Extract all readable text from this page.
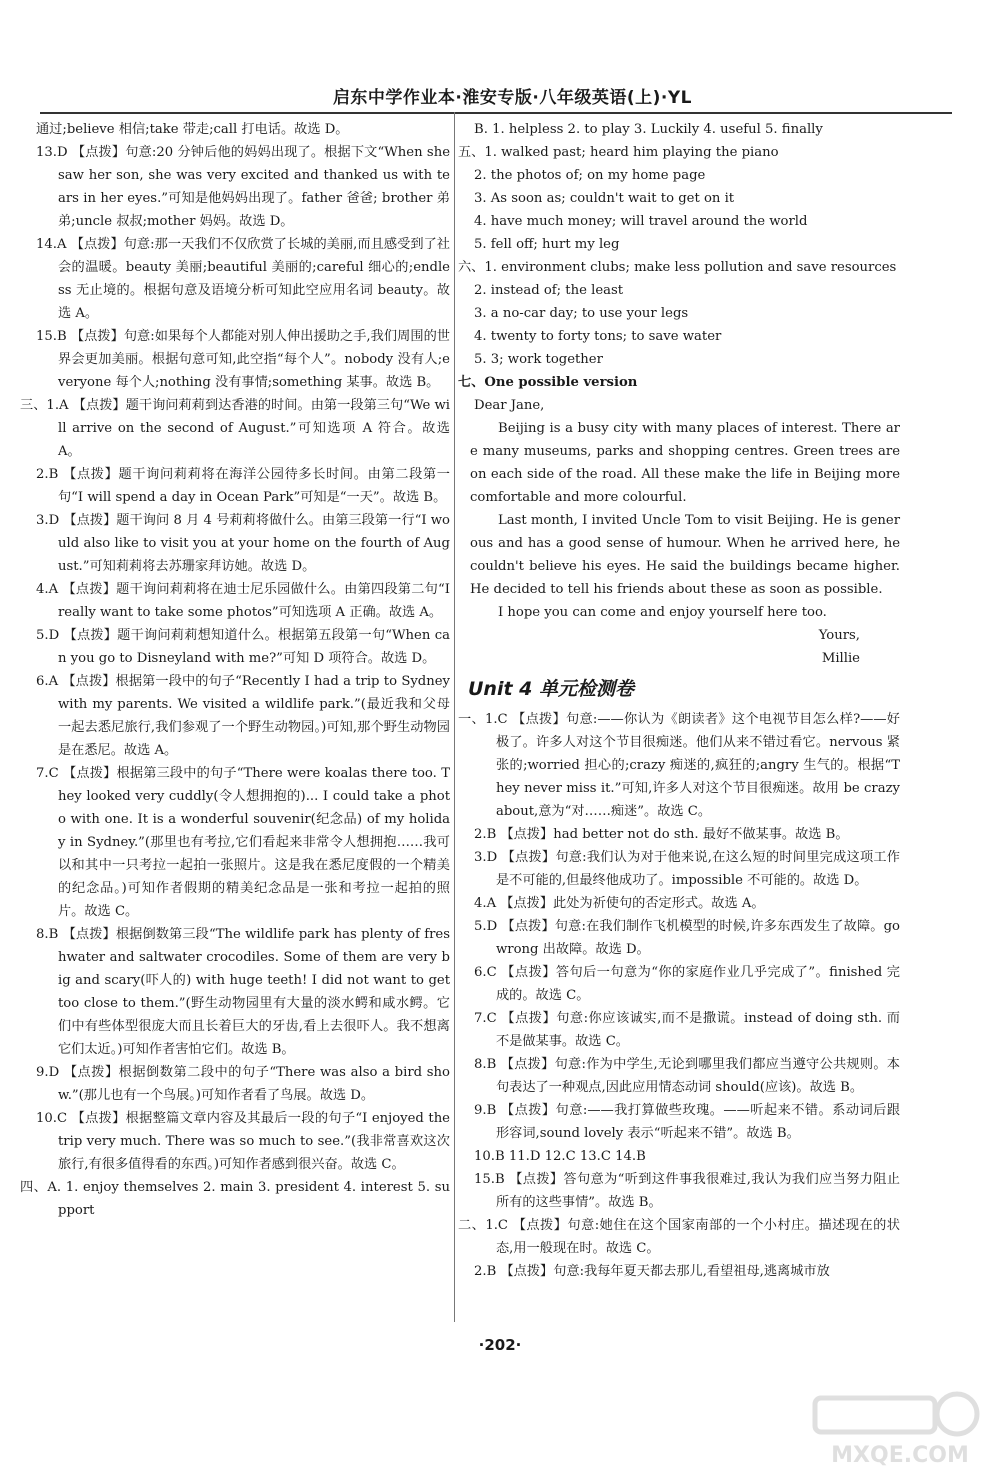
启东中学作业本·淮安专版·八年级英语(上)·YL
通过;believe 相信;take 带走;call 打电话。故选 D。
13.D 【点拨】句意:20 分钟后他的妈妈出现了。根据下文“When she saw her son, she was very excited and thanked us with tears in her eyes.”可知是他妈妈出现了。father 爸爸; brother 弟弟;uncle 叔叔;mother 妈妈。故选 D。
14.A 【点拨】句意:那一天我们不仅欣赏了长城的美丽,而且感受到了社会的温暖。beauty 美丽;beautiful 美丽的;careful 细心的;endless 无止境的。根据句意及语境分析可知此空应用名词 beauty。故选 A。
15.B 【点拨】句意:如果每个人都能对别人伸出援助之手,我们周围的世界会更加美丽。根据句意可知,此空指“每个人”。nobody 没有人;everyone 每个人;nothing 没有事情;something 某事。故选 B。
三、1.A 【点拨】题干询问莉莉到达香港的时间。由第一段第三句“We will arrive on the second of August.”可知选项 A 符合。故选 A。
2.B 【点拨】题干询问莉莉将在海洋公园待多长时间。由第二段第一句“I will spend a day in Ocean Park”可知是“一天”。故选 B。
3.D 【点拨】题干询问 8 月 4 号莉莉将做什么。由第三段第一行“I would also like to visit you at your home on the fourth of August.”可知莉莉将去苏珊家拜访她。故选 D。
4.A 【点拨】题干询问莉莉将在迪士尼乐园做什么。由第四段第二句“I really want to take some photos”可知选项 A 正确。故选 A。
5.D 【点拨】题干询问莉莉想知道什么。根据第五段第一句“When can you go to Disneyland with me?”可知 D 项符合。故选 D。
6.A 【点拨】根据第一段中的句子“Recently I had a trip to Sydney with my parents. We visited a wildlife park.”(最近我和父母一起去悉尼旅行,我们参观了一个野生动物园。)可知,那个野生动物园是在悉尼。故选 A。
7.C 【点拨】根据第三段中的句子“There were koalas there too. They looked very cuddly(令人想拥抱的)... I could take a photo with one. It is a wonderful souvenir(纪念品) of my holiday in Sydney.”(那里也有考拉,它们看起来非常令人想拥抱……我可以和其中一只考拉一起拍一张照片。这是我在悉尼度假的一个精美的纪念品。)可知作者假期的精美纪念品是一张和考拉一起拍的照片。故选 C。
8.B 【点拨】根据倒数第三段“The wildlife park has plenty of freshwater and saltwater crocodiles. Some of them are very big and scary(吓人的) with huge teeth! I did not want to get too close to them.”(野生动物园里有大量的淡水鳄和咸水鳄。它们中有些体型很庞大而且长着巨大的牙齿,看上去很吓人。我不想离它们太近。)可知作者害怕它们。故选 B。
9.D 【点拨】根据倒数第二段中的句子“There was also a bird show.”(那儿也有一个鸟展。)可知作者看了鸟展。故选 D。
10.C 【点拨】根据整篇文章内容及其最后一段的句子“I enjoyed the trip very much. There was so much to see.”(我非常喜欢这次旅行,有很多值得看的东西。)可知作者感到很兴奋。故选 C。
四、A. 1. enjoy themselves 2. main 3. president 4. interest 5. support
B. 1. helpless 2. to play 3. Luckily 4. useful 5. finally
五、1. walked past; heard him playing the piano
2. the photos of; on my home page
3. As soon as; couldn't wait to get on it
4. have much money; will travel around the world
5. fell off; hurt my leg
六、1. environment clubs; make less pollution and save resources
2. instead of; the least
3. a no-car day; to use your legs
4. twenty to forty tons; to save water
5. 3; work together
七、One possible version
Dear Jane,
Beijing is a busy city with many places of interest. There are many museums, parks and shopping centres. Green trees are on each side of the road. All these make the life in Beijing more comfortable and more colourful.
Last month, I invited Uncle Tom to visit Beijing. He is generous and has a good sense of humour. When he arrived here, he couldn't believe his eyes. He said the buildings became higher. He decided to tell his friends about these as soon as possible.
I hope you can come and enjoy yourself here too.
Yours,
Millie
Unit 4 单元检测卷
一、1.C 【点拨】句意:——你认为《朗读者》这个电视节目怎么样?——好极了。许多人对这个节目很痴迷。他们从来不错过看它。nervous 紧张的;worried 担心的;crazy 痴迷的,疯狂的;angry 生气的。根据“They never miss it.”可知,许多人对这个节目很痴迷。故用 be crazy about,意为“对……痴迷”。故选 C。
2.B 【点拨】had better not do sth. 最好不做某事。故选 B。
3.D 【点拨】句意:我们认为对于他来说,在这么短的时间里完成这项工作是不可能的,但最终他成功了。impossible 不可能的。故选 D。
4.A 【点拨】此处为祈使句的否定形式。故选 A。
5.D 【点拨】句意:在我们制作飞机模型的时候,许多东西发生了故障。go wrong 出故障。故选 D。
6.C 【点拨】答句后一句意为“你的家庭作业几乎完成了”。finished 完成的。故选 C。
7.C 【点拨】句意:你应该诚实,而不是撒谎。instead of doing sth. 而不是做某事。故选 C。
8.B 【点拨】句意:作为中学生,无论到哪里我们都应当遵守公共规则。本句表达了一种观点,因此应用情态动词 should(应该)。故选 B。
9.B 【点拨】句意:——我打算做些玫瑰。——听起来不错。系动词后跟形容词,sound lovely 表示“听起来不错”。故选 B。
10.B 11.D 12.C 13.C 14.B
15.B 【点拨】答句意为“听到这件事我很难过,我认为我们应当努力阻止所有的这些事情”。故选 B。
二、1.C 【点拨】句意:她住在这个国家南部的一个小村庄。描述现在的状态,用一般现在时。故选 C。
2.B 【点拨】句意:我每年夏天都去那儿,看望祖母,逃离城市放
·202·
MXQE.COM
